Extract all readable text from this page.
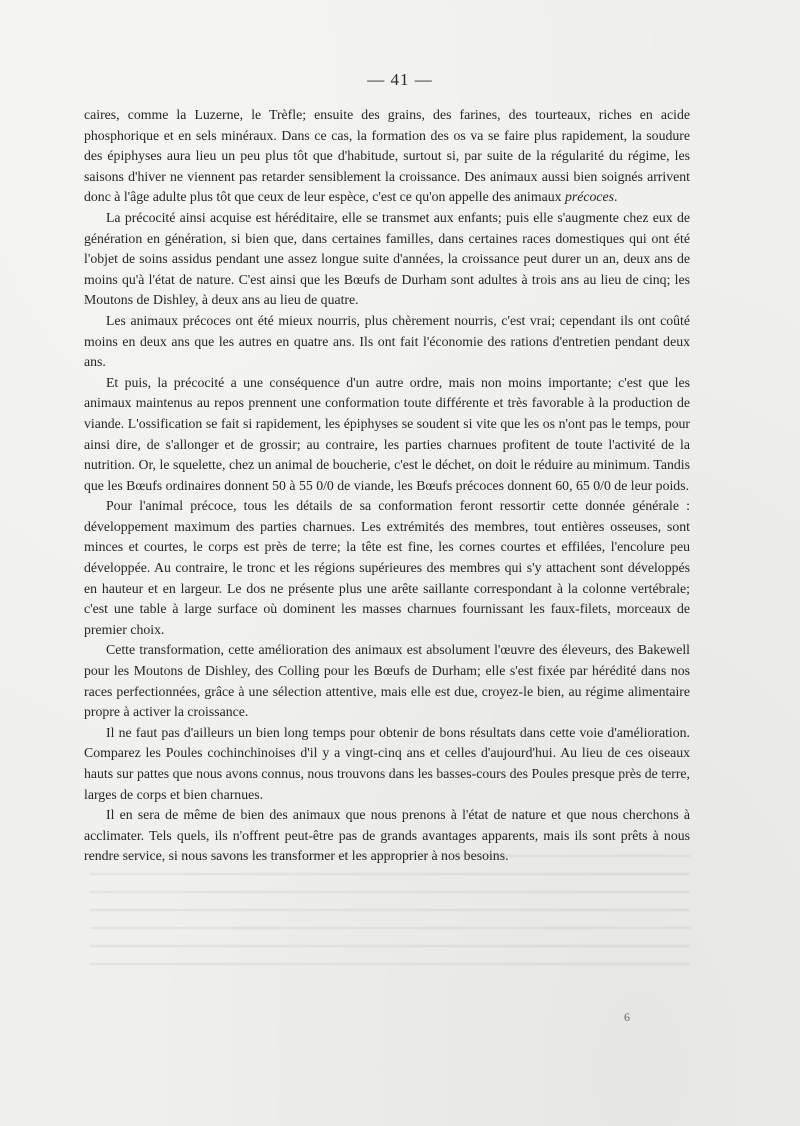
— 41 —

caires, comme la Luzerne, le Trèfle; ensuite des grains, des farines, des tourteaux, riches en acide phosphorique et en sels minéraux. Dans ce cas, la formation des os va se faire plus rapidement, la soudure des épiphyses aura lieu un peu plus tôt que d'habitude, surtout si, par suite de la régularité du régime, les saisons d'hiver ne viennent pas retarder sensiblement la croissance. Des animaux aussi bien soignés arrivent donc à l'âge adulte plus tôt que ceux de leur espèce, c'est ce qu'on appelle des animaux précoces.

La précocité ainsi acquise est héréditaire, elle se transmet aux enfants; puis elle s'augmente chez eux de génération en génération, si bien que, dans certaines familles, dans certaines races domestiques qui ont été l'objet de soins assidus pendant une assez longue suite d'années, la croissance peut durer un an, deux ans de moins qu'à l'état de nature. C'est ainsi que les Bœufs de Durham sont adultes à trois ans au lieu de cinq; les Moutons de Dishley, à deux ans au lieu de quatre.

Les animaux précoces ont été mieux nourris, plus chèrement nourris, c'est vrai; cependant ils ont coûté moins en deux ans que les autres en quatre ans. Ils ont fait l'économie des rations d'entretien pendant deux ans.

Et puis, la précocité a une conséquence d'un autre ordre, mais non moins importante; c'est que les animaux maintenus au repos prennent une conformation toute différente et très favorable à la production de viande. L'ossification se fait si rapidement, les épiphyses se soudent si vite que les os n'ont pas le temps, pour ainsi dire, de s'allonger et de grossir; au contraire, les parties charnues profitent de toute l'activité de la nutrition. Or, le squelette, chez un animal de boucherie, c'est le déchet, on doit le réduire au minimum. Tandis que les Bœufs ordinaires donnent 50 à 55 0/0 de viande, les Bœufs précoces donnent 60, 65 0/0 de leur poids.

Pour l'animal précoce, tous les détails de sa conformation feront ressortir cette donnée générale : développement maximum des parties charnues. Les extrémités des membres, tout entières osseuses, sont minces et courtes, le corps est près de terre; la tête est fine, les cornes courtes et effilées, l'encolure peu développée. Au contraire, le tronc et les régions supérieures des membres qui s'y attachent sont développés en hauteur et en largeur. Le dos ne présente plus une arête saillante correspondant à la colonne vertébrale; c'est une table à large surface où dominent les masses charnues fournissant les faux-filets, morceaux de premier choix.

Cette transformation, cette amélioration des animaux est absolument l'œuvre des éleveurs, des Bakewell pour les Moutons de Dishley, des Colling pour les Bœufs de Durham; elle s'est fixée par hérédité dans nos races perfectionnées, grâce à une sélection attentive, mais elle est due, croyez-le bien, au régime alimentaire propre à activer la croissance.

Il ne faut pas d'ailleurs un bien long temps pour obtenir de bons résultats dans cette voie d'amélioration. Comparez les Poules cochinchinoises d'il y a vingt-cinq ans et celles d'aujourd'hui. Au lieu de ces oiseaux hauts sur pattes que nous avons connus, nous trouvons dans les basses-cours des Poules presque près de terre, larges de corps et bien charnues.

Il en sera de même de bien des animaux que nous prenons à l'état de nature et que nous cherchons à acclimater. Tels quels, ils n'offrent peut-être pas de grands avantages apparents, mais ils sont prêts à nous rendre service, si nous savons les transformer et les approprier à nos besoins.

6
